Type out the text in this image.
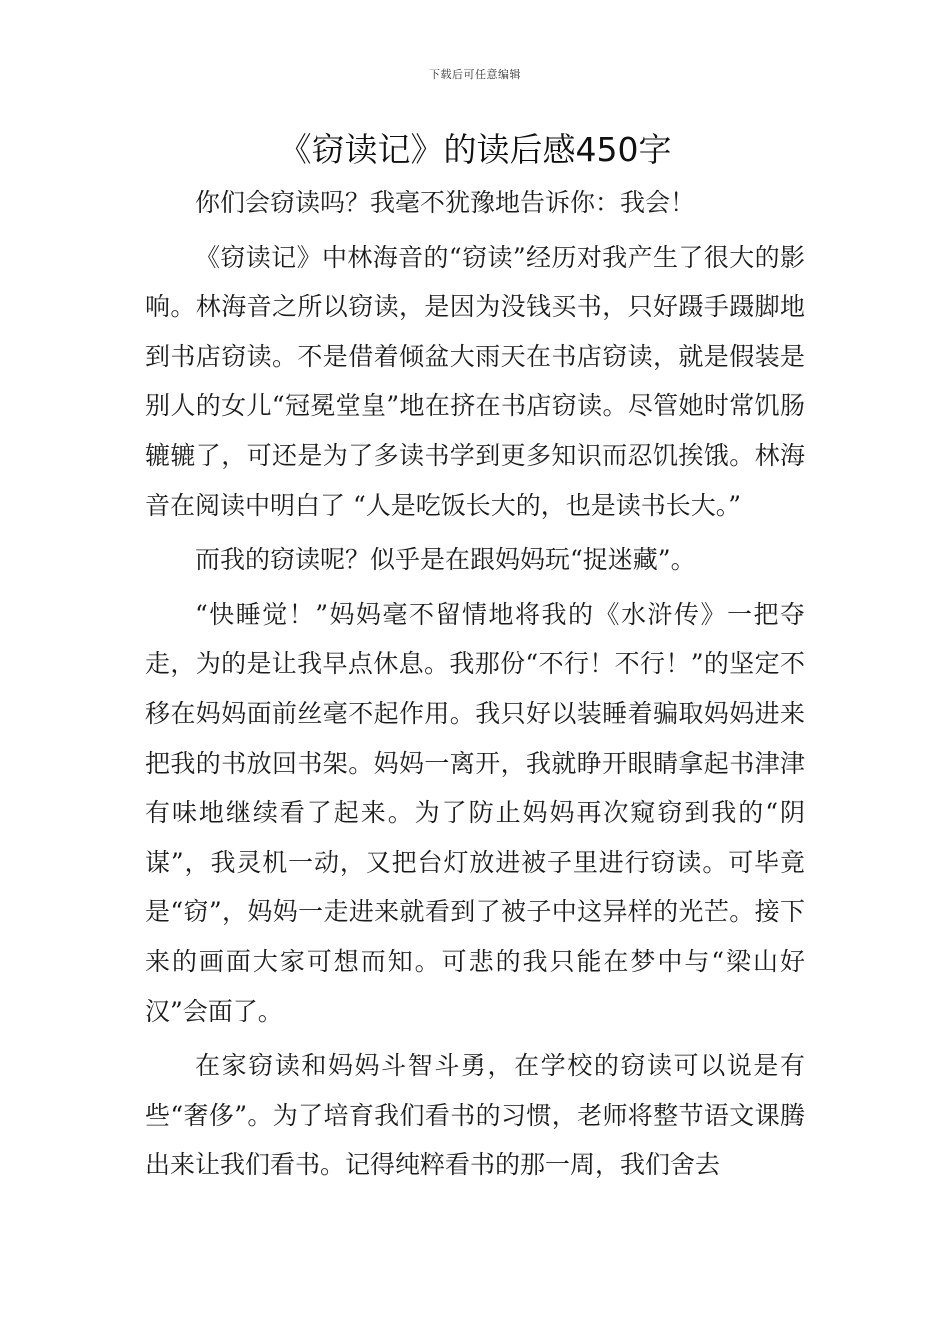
下载后可任意编辑
《窃读记》的读后感450字

你们会窃读吗？我毫不犹豫地告诉你：我会！

《窃读记》中林海音的“窃读”经历对我产生了很大的影响。林海音之所以窃读，是因为没钱买书，只好蹑手蹑脚地到书店窃读。不是借着倾盆大雨天在书店窃读，就是假装是别人的女儿“冠冕堂皇”地在挤在书店窃读。尽管她时常饥肠辘辘了，可还是为了多读书学到更多知识而忍饥挨饿。林海音在阅读中明白了 “人是吃饭长大的，也是读书长大。”

而我的窃读呢？似乎是在跟妈妈玩“捉迷藏”。

“快睡觉！”妈妈毫不留情地将我的《水浒传》一把夺走，为的是让我早点休息。我那份“不行！不行！”的坚定不移在妈妈面前丝毫不起作用。我只好以装睡着骗取妈妈进来把我的书放回书架。妈妈一离开，我就睁开眼睛拿起书津津有味地继续看了起来。为了防止妈妈再次窥窃到我的“阴谋”，我灵机一动，又把台灯放进被子里进行窃读。可毕竟是“窃”，妈妈一走进来就看到了被子中这异样的光芒。接下来的画面大家可想而知。可悲的我只能在梦中与“梁山好汉”会面了。

在家窃读和妈妈斗智斗勇，在学校的窃读可以说是有些“奢侈”。为了培育我们看书的习惯，老师将整节语文课腾出来让我们看书。记得纯粹看书的那一周，我们舍去
